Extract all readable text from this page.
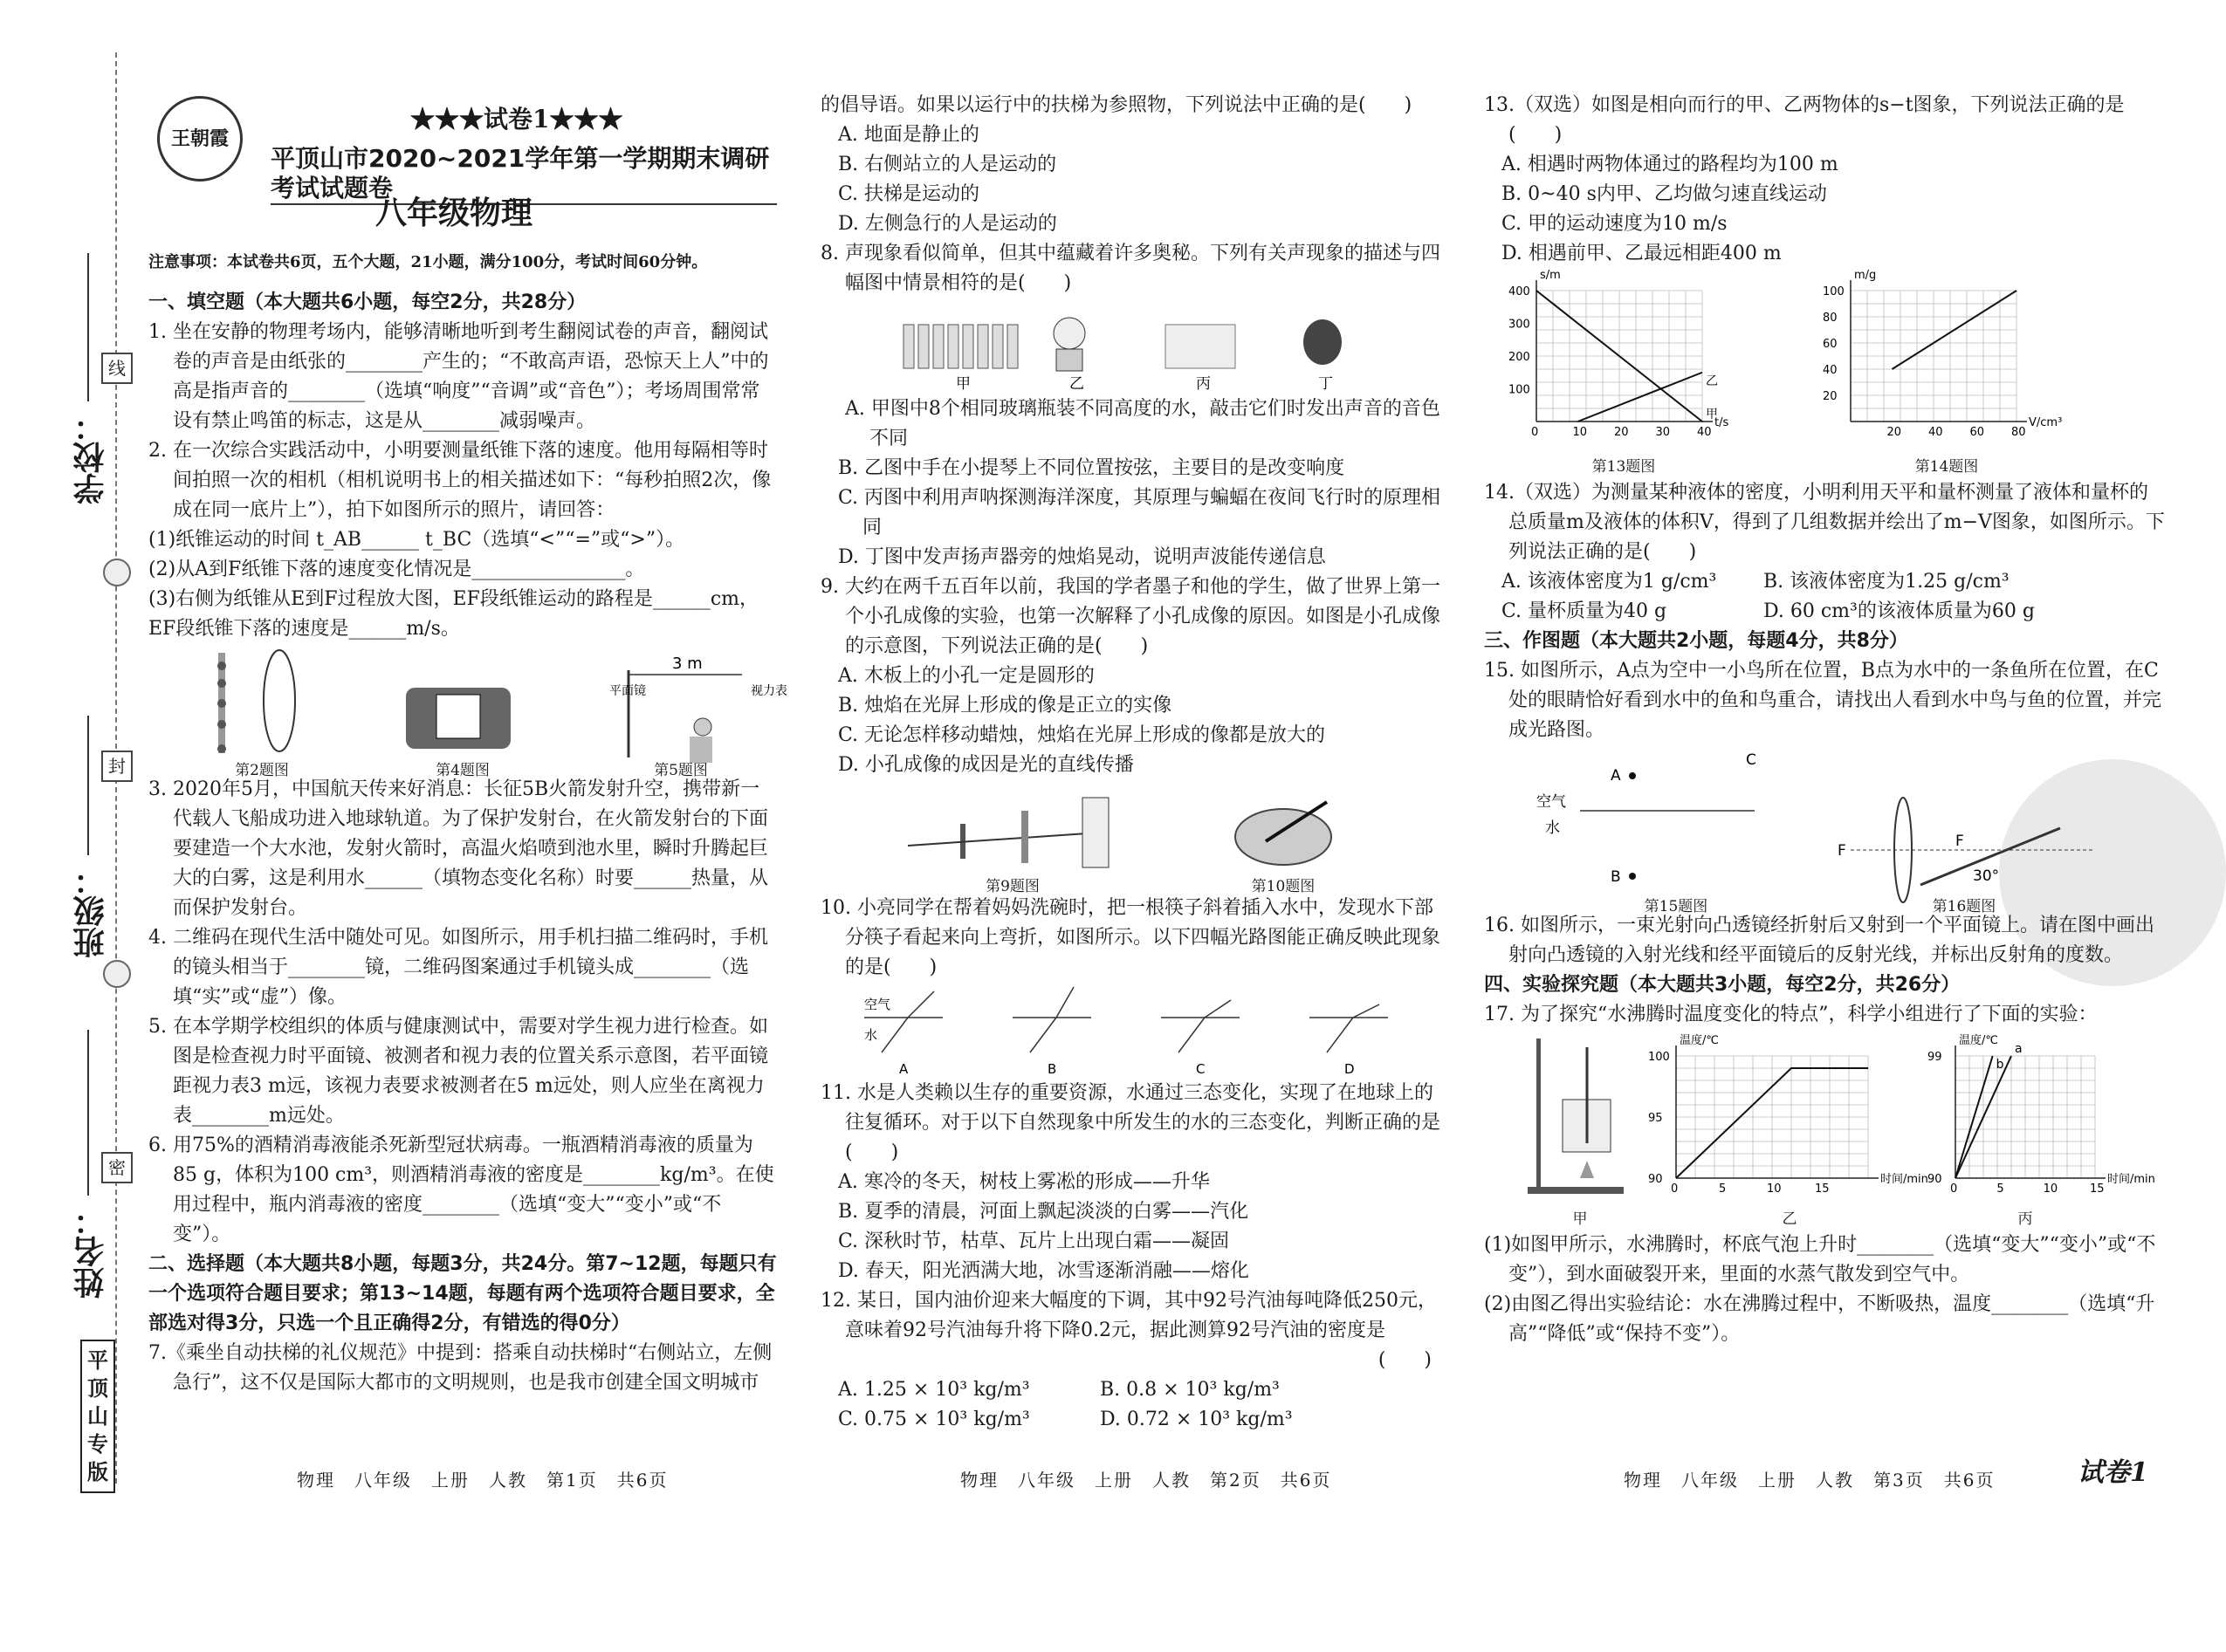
学校：
班级：
姓名：
线
封
密
平顶山专版
王朝霞
★★★试卷1★★★
平顶山市2020~2021学年第一学期期末调研考试试题卷
八年级物理

注意事项：本试卷共6页，五个大题，21小题，满分100分，考试时间60分钟。

一、填空题（本大题共6小题，每空2分，共28分）

1. 坐在安静的物理考场内，能够清晰地听到考生翻阅试卷的声音，翻阅试卷的声音是由纸张的________产生的；“不敢高声语，恐惊天上人”中的高是指声音的________（选填“响度”“音调”或“音色”）；考场周围常常设有禁止鸣笛的标志，这是从________减弱噪声。

2. 在一次综合实践活动中，小明要测量纸锥下落的速度。他用每隔相等时间拍照一次的相机（相机说明书上的相关描述如下：“每秒拍照2次，像成在同一底片上”），拍下如图所示的照片，请回答：

(1)纸锥运动的时间 t_AB______ t_BC（选填“<”“=”或“>”）。

(2)从A到F纸锥下落的速度变化情况是________________。

(3)右侧为纸锥从E到F过程放大图，EF段纸锥运动的路程是______cm，EF段纸锥下落的速度是______m/s。

3 m
平面镜	视力表
第2题图	第4题图	第5题图

3. 2020年5月，中国航天传来好消息：长征5B火箭发射升空，携带新一代载人飞船成功进入地球轨道。为了保护发射台，在火箭发射台的下面要建造一个大水池，发射火箭时，高温火焰喷到池水里，瞬时升腾起巨大的白雾，这是利用水______（填物态变化名称）时要______热量，从而保护发射台。

4. 二维码在现代生活中随处可见。如图所示，用手机扫描二维码时，手机的镜头相当于________镜，二维码图案通过手机镜头成________（选填“实”或“虚”）像。

5. 在本学期学校组织的体质与健康测试中，需要对学生视力进行检查。如图是检查视力时平面镜、被测者和视力表的位置关系示意图，若平面镜距视力表3 m远，该视力表要求被测者在5 m远处，则人应坐在离视力表________m远处。

6. 用75%的酒精消毒液能杀死新型冠状病毒。一瓶酒精消毒液的质量为85 g，体积为100 cm³，则酒精消毒液的密度是________kg/m³。在使用过程中，瓶内消毒液的密度________（选填“变大”“变小”或“不变”）。

二、选择题（本大题共8小题，每题3分，共24分。第7~12题，每题只有一个选项符合题目要求；第13~14题，每题有两个选项符合题目要求，全部选对得3分，只选一个且正确得2分，有错选的得0分）

7.《乘坐自动扶梯的礼仪规范》中提到：搭乘自动扶梯时“右侧站立，左侧急行”，这不仅是国际大都市的文明规则，也是我市创建全国文明城市

物理　八年级　上册　人教　第1页　共6页

的倡导语。如果以运行中的扶梯为参照物，下列说法中正确的是(　　)

A. 地面是静止的

B. 右侧站立的人是运动的

C. 扶梯是运动的

D. 左侧急行的人是运动的

8. 声现象看似简单，但其中蕴藏着许多奥秘。下列有关声现象的描述与四幅图中情景相符的是(　　)

甲	乙	丙	丁

A. 甲图中8个相同玻璃瓶装不同高度的水，敲击它们时发出声音的音色不同

B. 乙图中手在小提琴上不同位置按弦，主要目的是改变响度

C. 丙图中利用声呐探测海洋深度，其原理与蝙蝠在夜间飞行时的原理相同

D. 丁图中发声扬声器旁的烛焰晃动，说明声波能传递信息

9. 大约在两千五百年以前，我国的学者墨子和他的学生，做了世界上第一个小孔成像的实验，也第一次解释了小孔成像的原因。如图是小孔成像的示意图，下列说法正确的是(　　)

A. 木板上的小孔一定是圆形的

B. 烛焰在光屏上形成的像是正立的实像

C. 无论怎样移动蜡烛，烛焰在光屏上形成的像都是放大的

D. 小孔成像的成因是光的直线传播

第9题图	第10题图

10. 小亮同学在帮着妈妈洗碗时，把一根筷子斜着插入水中，发现水下部分筷子看起来向上弯折，如图所示。以下四幅光路图能正确反映此现象的是(　　)

空气
水
A	B	C	D

11. 水是人类赖以生存的重要资源，水通过三态变化，实现了在地球上的往复循环。对于以下自然现象中所发生的水的三态变化，判断正确的是(　　)

A. 寒冷的冬天，树枝上雾凇的形成——升华

B. 夏季的清晨，河面上飘起淡淡的白雾——汽化

C. 深秋时节，枯草、瓦片上出现白霜——凝固

D. 春天，阳光洒满大地，冰雪逐渐消融——熔化

12. 某日，国内油价迎来大幅度的下调，其中92号汽油每吨降低250元，意味着92号汽油每升将下降0.2元，据此测算92号汽油的密度是

(　　)

A. 1.25 × 10³ kg/m³	B. 0.8 × 10³ kg/m³
C. 0.75 × 10³ kg/m³	D. 0.72 × 10³ kg/m³
物理　八年级　上册　人教　第2页　共6页

13.（双选）如图是相向而行的甲、乙两物体的s−t图象，下列说法正确的是(　　)

A. 相遇时两物体通过的路程均为100 m

B. 0~40 s内甲、乙均做匀速直线运动

C. 甲的运动速度为10 m/s

D. 相遇前甲、乙最远相距400 m

0	10 20 30 40
100
200
300
400
t/s
s/m
甲
乙
20 40 60 80
20
40
60
80
100
V/cm³
m/g
第13题图	第14题图

14.（双选）为测量某种液体的密度，小明利用天平和量杯测量了液体和量杯的总质量m及液体的体积V，得到了几组数据并绘出了m−V图象，如图所示。下列说法正确的是(　　)

A. 该液体密度为1 g/cm³	B. 该液体密度为1.25 g/cm³
C. 量杯质量为40 g	D. 60 cm³的该液体质量为60 g

三、作图题（本大题共2小题，每题4分，共8分）

15. 如图所示，A点为空中一小鸟所在位置，B点为水中的一条鱼所在位置，在C处的眼睛恰好看到水中的鱼和鸟重合，请找出人看到水中鸟与鱼的位置，并完成光路图。

A
B
C
空气
水
F
F
30°
第15题图	第16题图

16. 如图所示，一束光射向凸透镜经折射后又射到一个平面镜上。请在图中画出射向凸透镜的入射光线和经平面镜后的反射光线，并标出反射角的度数。

四、实验探究题（本大题共3小题，每空2分，共26分）

17. 为了探究“水沸腾时温度变化的特点”，科学小组进行了下面的实验：

0	5	10	15
90
95
100
时间/min
温度/℃
0	5	10	15
90
99
时间/min
温度/℃
a
b
甲	乙	丙

(1)如图甲所示，水沸腾时，杯底气泡上升时________（选填“变大”“变小”或“不变”），到水面破裂开来，里面的水蒸气散发到空气中。

(2)由图乙得出实验结论：水在沸腾过程中，不断吸热，温度________（选填“升高”“降低”或“保持不变”）。

物理　八年级　上册　人教　第3页　共6页	试卷1
